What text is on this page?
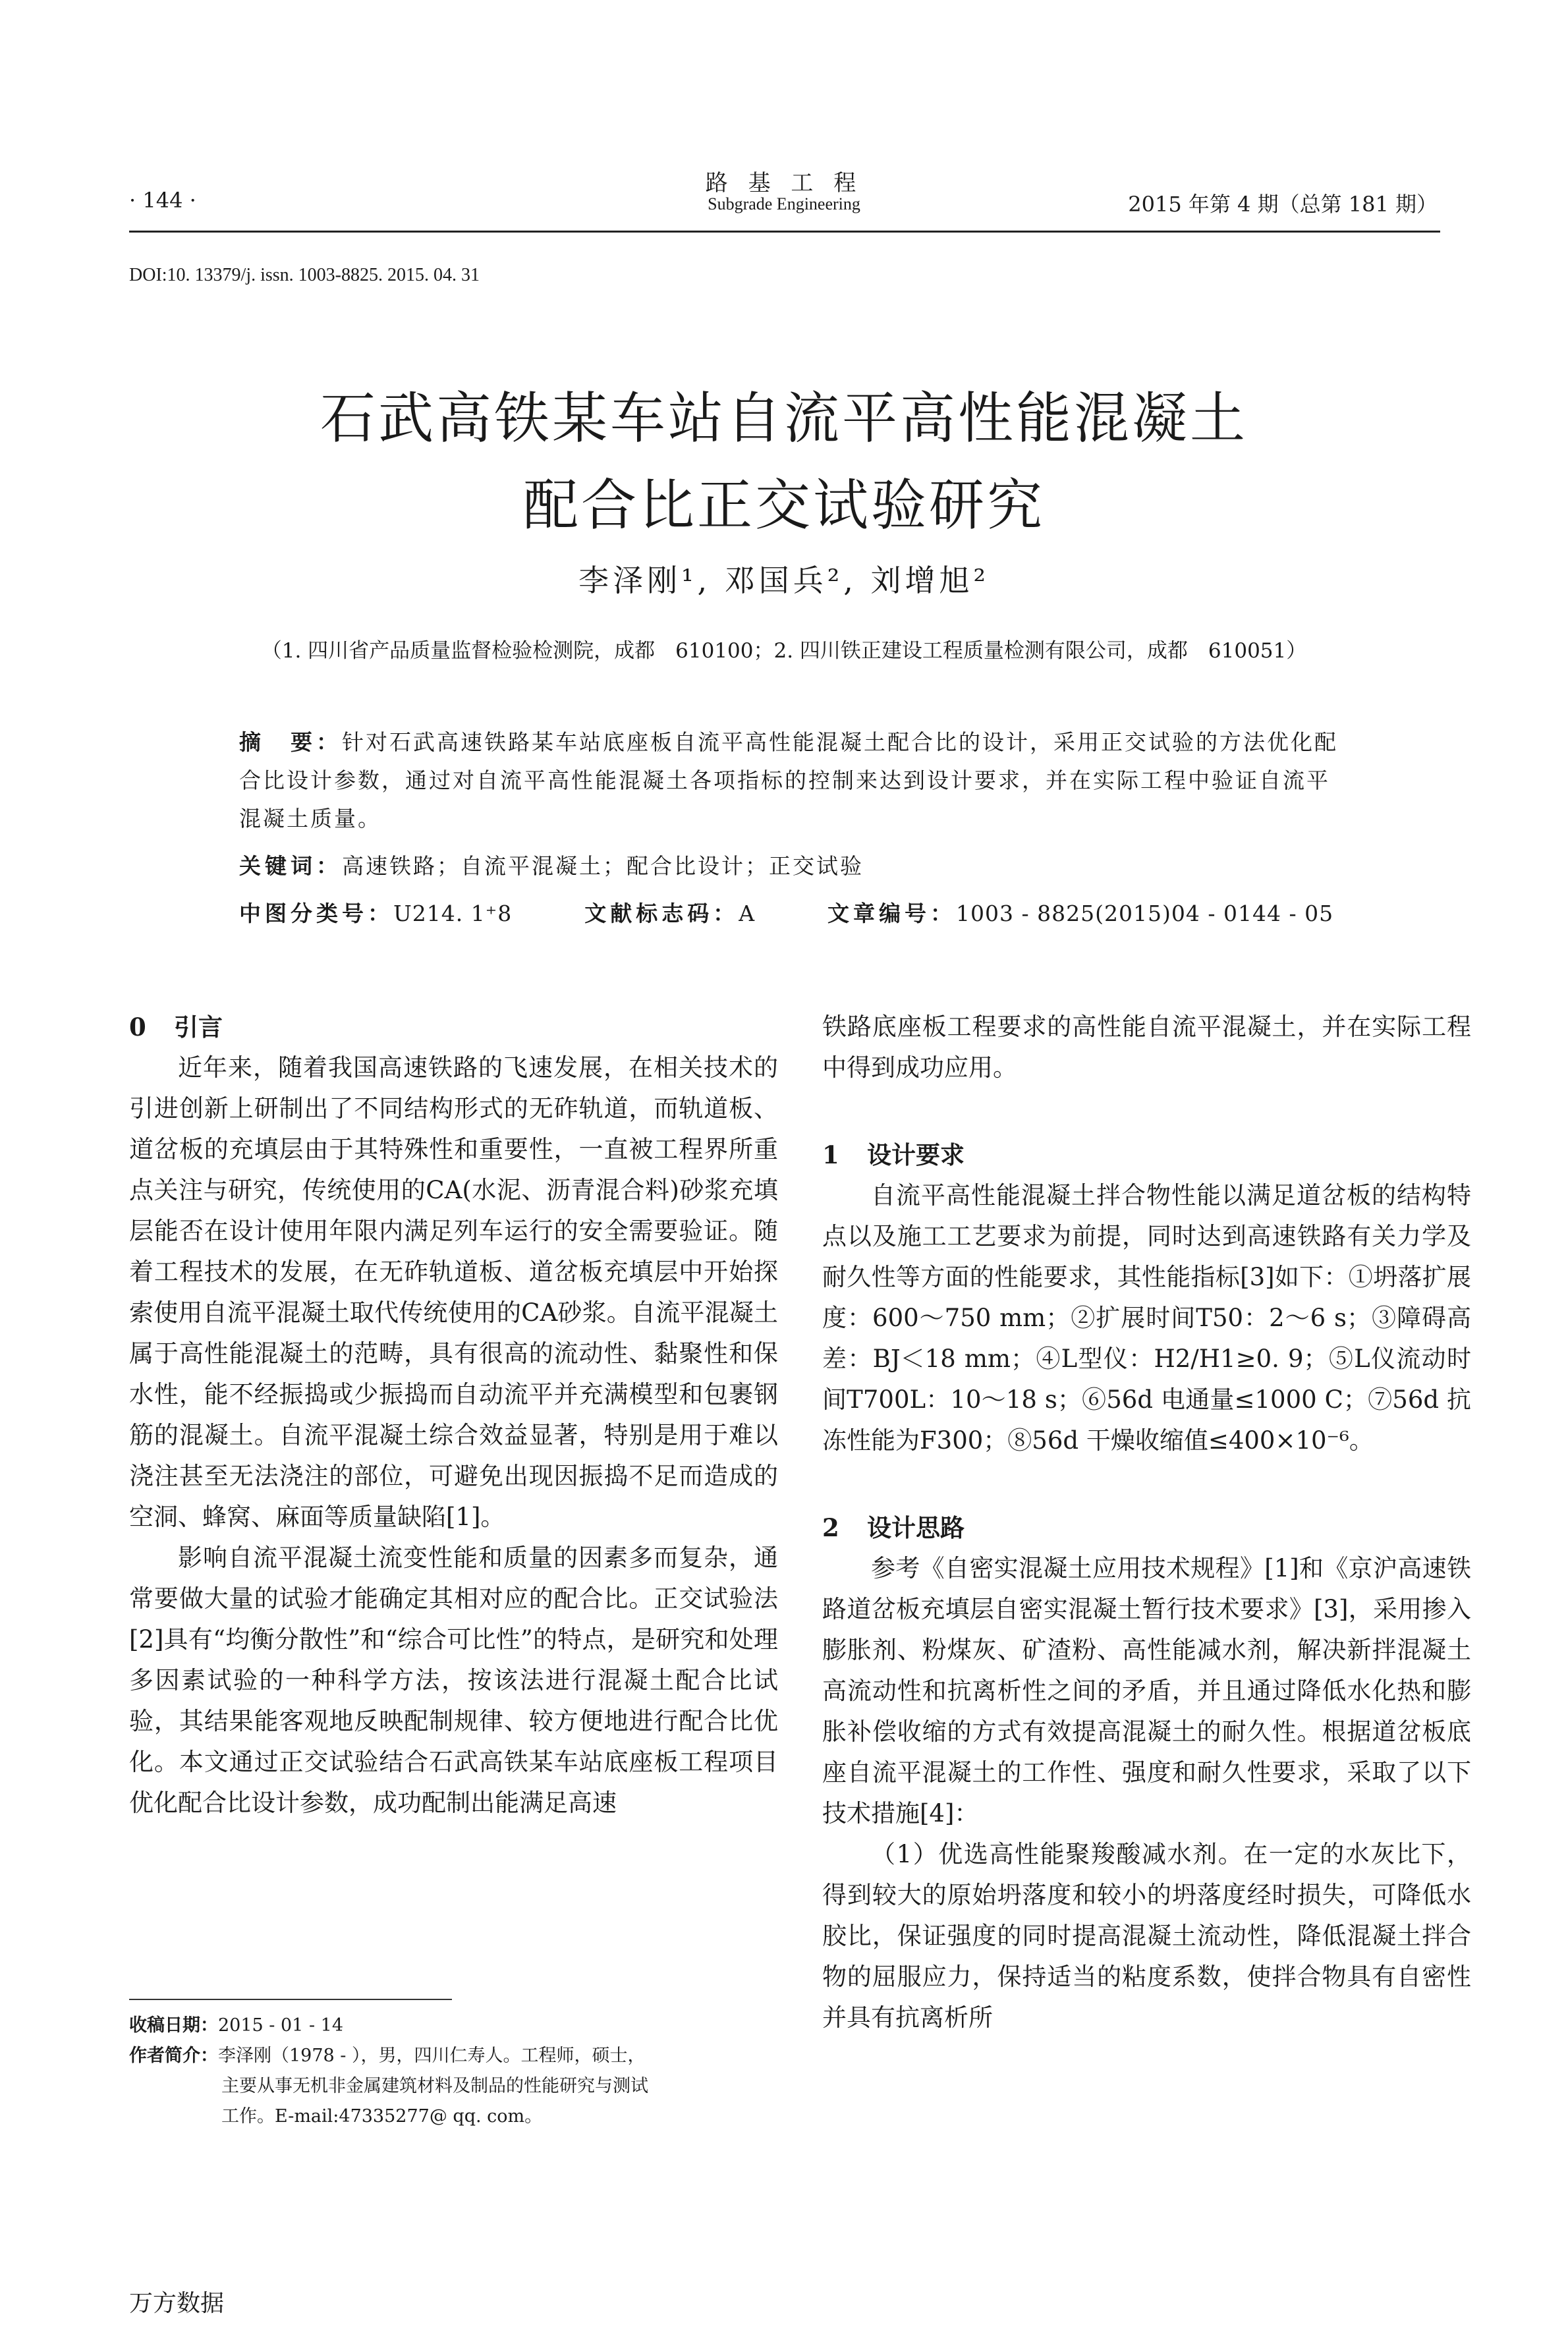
· 144 ·
路 基 工 程
Subgrade Engineering	2015 年第 4 期（总第 181 期）
DOI:10. 13379/j. issn. 1003-8825. 2015. 04. 31
石武高铁某车站自流平高性能混凝土
配合比正交试验研究
李泽刚¹, 邓国兵², 刘增旭²
（1. 四川省产品质量监督检验检测院，成都　610100；2. 四川铁正建设工程质量检测有限公司，成都　610051）
摘　要：针对石武高速铁路某车站底座板自流平高性能混凝土配合比的设计，采用正交试验的方法优化配合比设计参数，通过对自流平高性能混凝土各项指标的控制来达到设计要求，并在实际工程中验证自流平混凝土质量。
关键词：高速铁路；自流平混凝土；配合比设计；正交试验
中图分类号：U214. 1⁺8	文献标志码：A	文章编号：1003 - 8825(2015)04 - 0144 - 05
0 引言

近年来，随着我国高速铁路的飞速发展，在相关技术的引进创新上研制出了不同结构形式的无砟轨道，而轨道板、道岔板的充填层由于其特殊性和重要性，一直被工程界所重点关注与研究，传统使用的CA(水泥、沥青混合料)砂浆充填层能否在设计使用年限内满足列车运行的安全需要验证。随着工程技术的发展，在无砟轨道板、道岔板充填层中开始探索使用自流平混凝土取代传统使用的CA砂浆。自流平混凝土属于高性能混凝土的范畴，具有很高的流动性、黏聚性和保水性，能不经振捣或少振捣而自动流平并充满模型和包裹钢筋的混凝土。自流平混凝土综合效益显著，特别是用于难以浇注甚至无法浇注的部位，可避免出现因振捣不足而造成的空洞、蜂窝、麻面等质量缺陷[1]。

影响自流平混凝土流变性能和质量的因素多而复杂，通常要做大量的试验才能确定其相对应的配合比。正交试验法[2]具有“均衡分散性”和“综合可比性”的特点，是研究和处理多因素试验的一种科学方法，按该法进行混凝土配合比试验，其结果能客观地反映配制规律、较方便地进行配合比优化。本文通过正交试验结合石武高铁某车站底座板工程项目优化配合比设计参数，成功配制出能满足高速

铁路底座板工程要求的高性能自流平混凝土，并在实际工程中得到成功应用。

1 设计要求

自流平高性能混凝土拌合物性能以满足道岔板的结构特点以及施工工艺要求为前提，同时达到高速铁路有关力学及耐久性等方面的性能要求，其性能指标[3]如下：①坍落扩展度：600～750 mm；②扩展时间T50：2～6 s；③障碍高差：BJ＜18 mm；④L型仪：H2/H1≥0. 9；⑤L仪流动时间T700L：10～18 s；⑥56d 电通量≤1000 C；⑦56d 抗冻性能为F300；⑧56d 干燥收缩值≤400×10⁻⁶。

2 设计思路

参考《自密实混凝土应用技术规程》[1]和《京沪高速铁路道岔板充填层自密实混凝土暂行技术要求》[3]，采用掺入膨胀剂、粉煤灰、矿渣粉、高性能减水剂，解决新拌混凝土高流动性和抗离析性之间的矛盾，并且通过降低水化热和膨胀补偿收缩的方式有效提高混凝土的耐久性。根据道岔板底座自流平混凝土的工作性、强度和耐久性要求，采取了以下技术措施[4]：

（1）优选高性能聚羧酸减水剂。在一定的水灰比下，得到较大的原始坍落度和较小的坍落度经时损失，可降低水胶比，保证强度的同时提高混凝土流动性，降低混凝土拌合物的屈服应力，保持适当的粘度系数，使拌合物具有自密性并具有抗离析所

收稿日期：2015 - 01 - 14
作者简介：李泽刚（1978 - ），男，四川仁寿人。工程师，硕士，
主要从事无机非金属建筑材料及制品的性能研究与测试
工作。E-mail:47335277@ qq. com。
万方数据
